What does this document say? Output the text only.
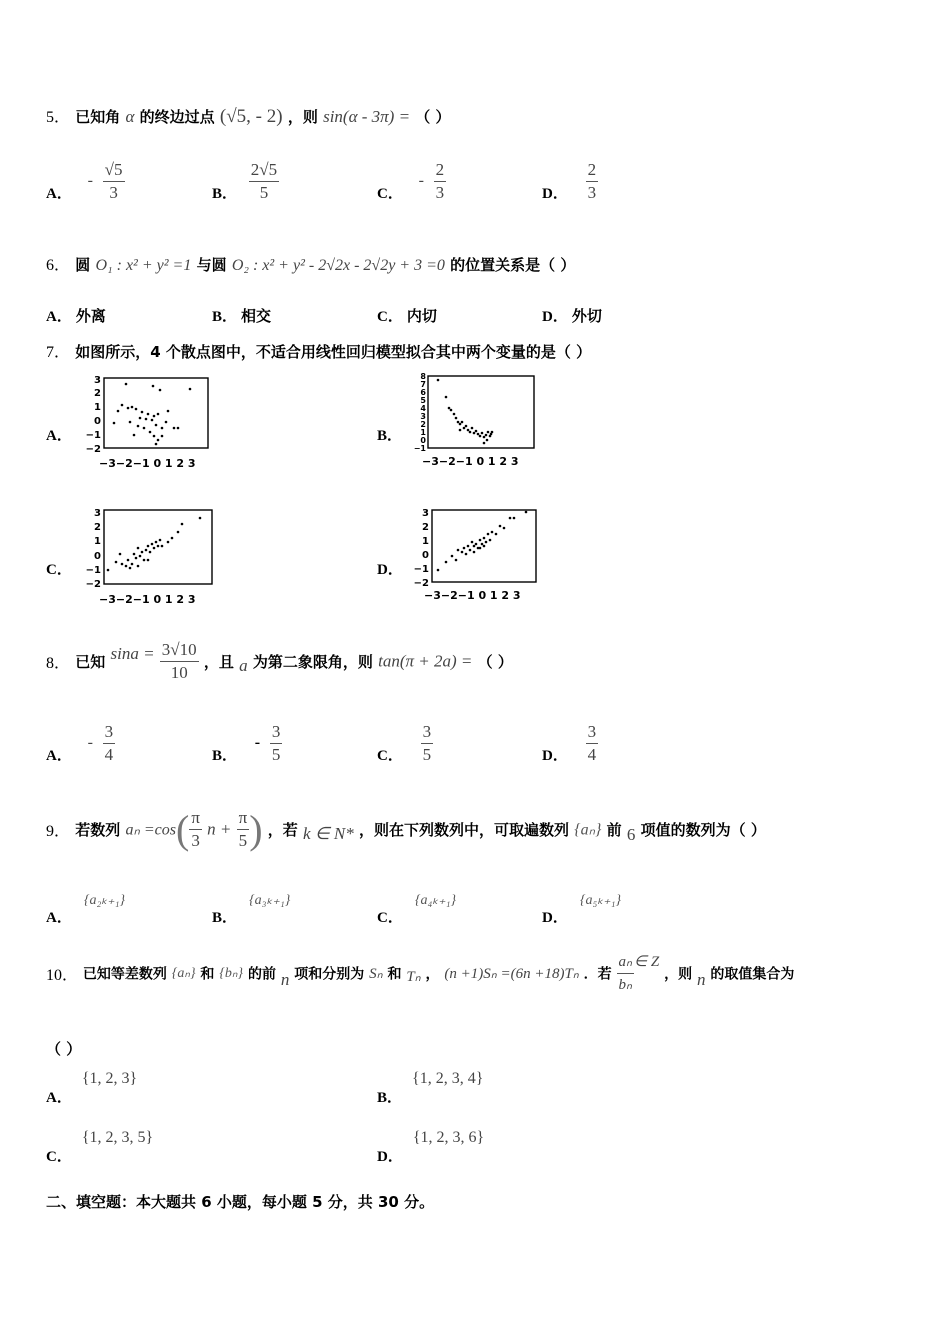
5． 已知角 α 的终边过点 (√5, - 2) ，则 sin(α - 3π) = （ ）
A． - $\frac{√5}{3}$	B． $\frac{2√5}{5}$	C． - $\frac{2}{3}$	D． $\frac{2}{3}$
6． 圆 O₁ : x² + y² =1 与圆 O₂ : x² + y² - 2√2x - 2√2y + 3 =0 的位置关系是（ ）
A． 外离	B． 相交	C． 内切	D． 外切
7． 如图所示，4 个散点图中，不适合用线性回归模型拟合其中两个变量的是（ ）
A．	B．
C．	D．
3
2
1
0
−1
−2
−3−2−1 0 1 2 3
8
7
6
5
4
3
2
1
0
−1
−3−2−1 0 1 2 3
3
2
1
0
−1
−2
−3−2−1 0 1 2 3
3
2
1
0
−1
−2
−3−2−1 0 1 2 3
8． 已知 $\sin a = \frac{3√10}{10}$ ，且 a 为第二象限角，则 tan(π + 2a) = （ ）
A． - $\frac{3}{4}$	B． - $\frac{3}{5}$	C． $\frac{3}{5}$	D． $\frac{3}{4}$
9． 若数列 $a_n =\cos( \frac{\pi}{3}$ $n + \frac{\pi}{5}$ ) ，若 k ∈ N* ，则在下列数列中，可取遍数列 {aₙ} 前 6 项值的数列为（ ）
A．{a₂ₖ₊₁}
B．{a₃ₖ₊₁}
C．{a₄ₖ₊₁}
D．{a₅ₖ₊₁}
10． 已知等差数列 {aₙ} 和 {bₙ} 的前 n 项和分别为 Sₙ 和 Tₙ ， (n +1)Sₙ =(6n +18)Tₙ ．若 $\frac{\text{aₙ}}{\text{bₙ}}$ ∈ Z ，则 n 的取值集合为
（ ）
A．{1, 2, 3}
B．{1, 2, 3, 4}
C．{1, 2, 3, 5}
D．{1, 2, 3, 6}
二、填空题：本大题共 6 小题，每小题 5 分，共 30 分。
